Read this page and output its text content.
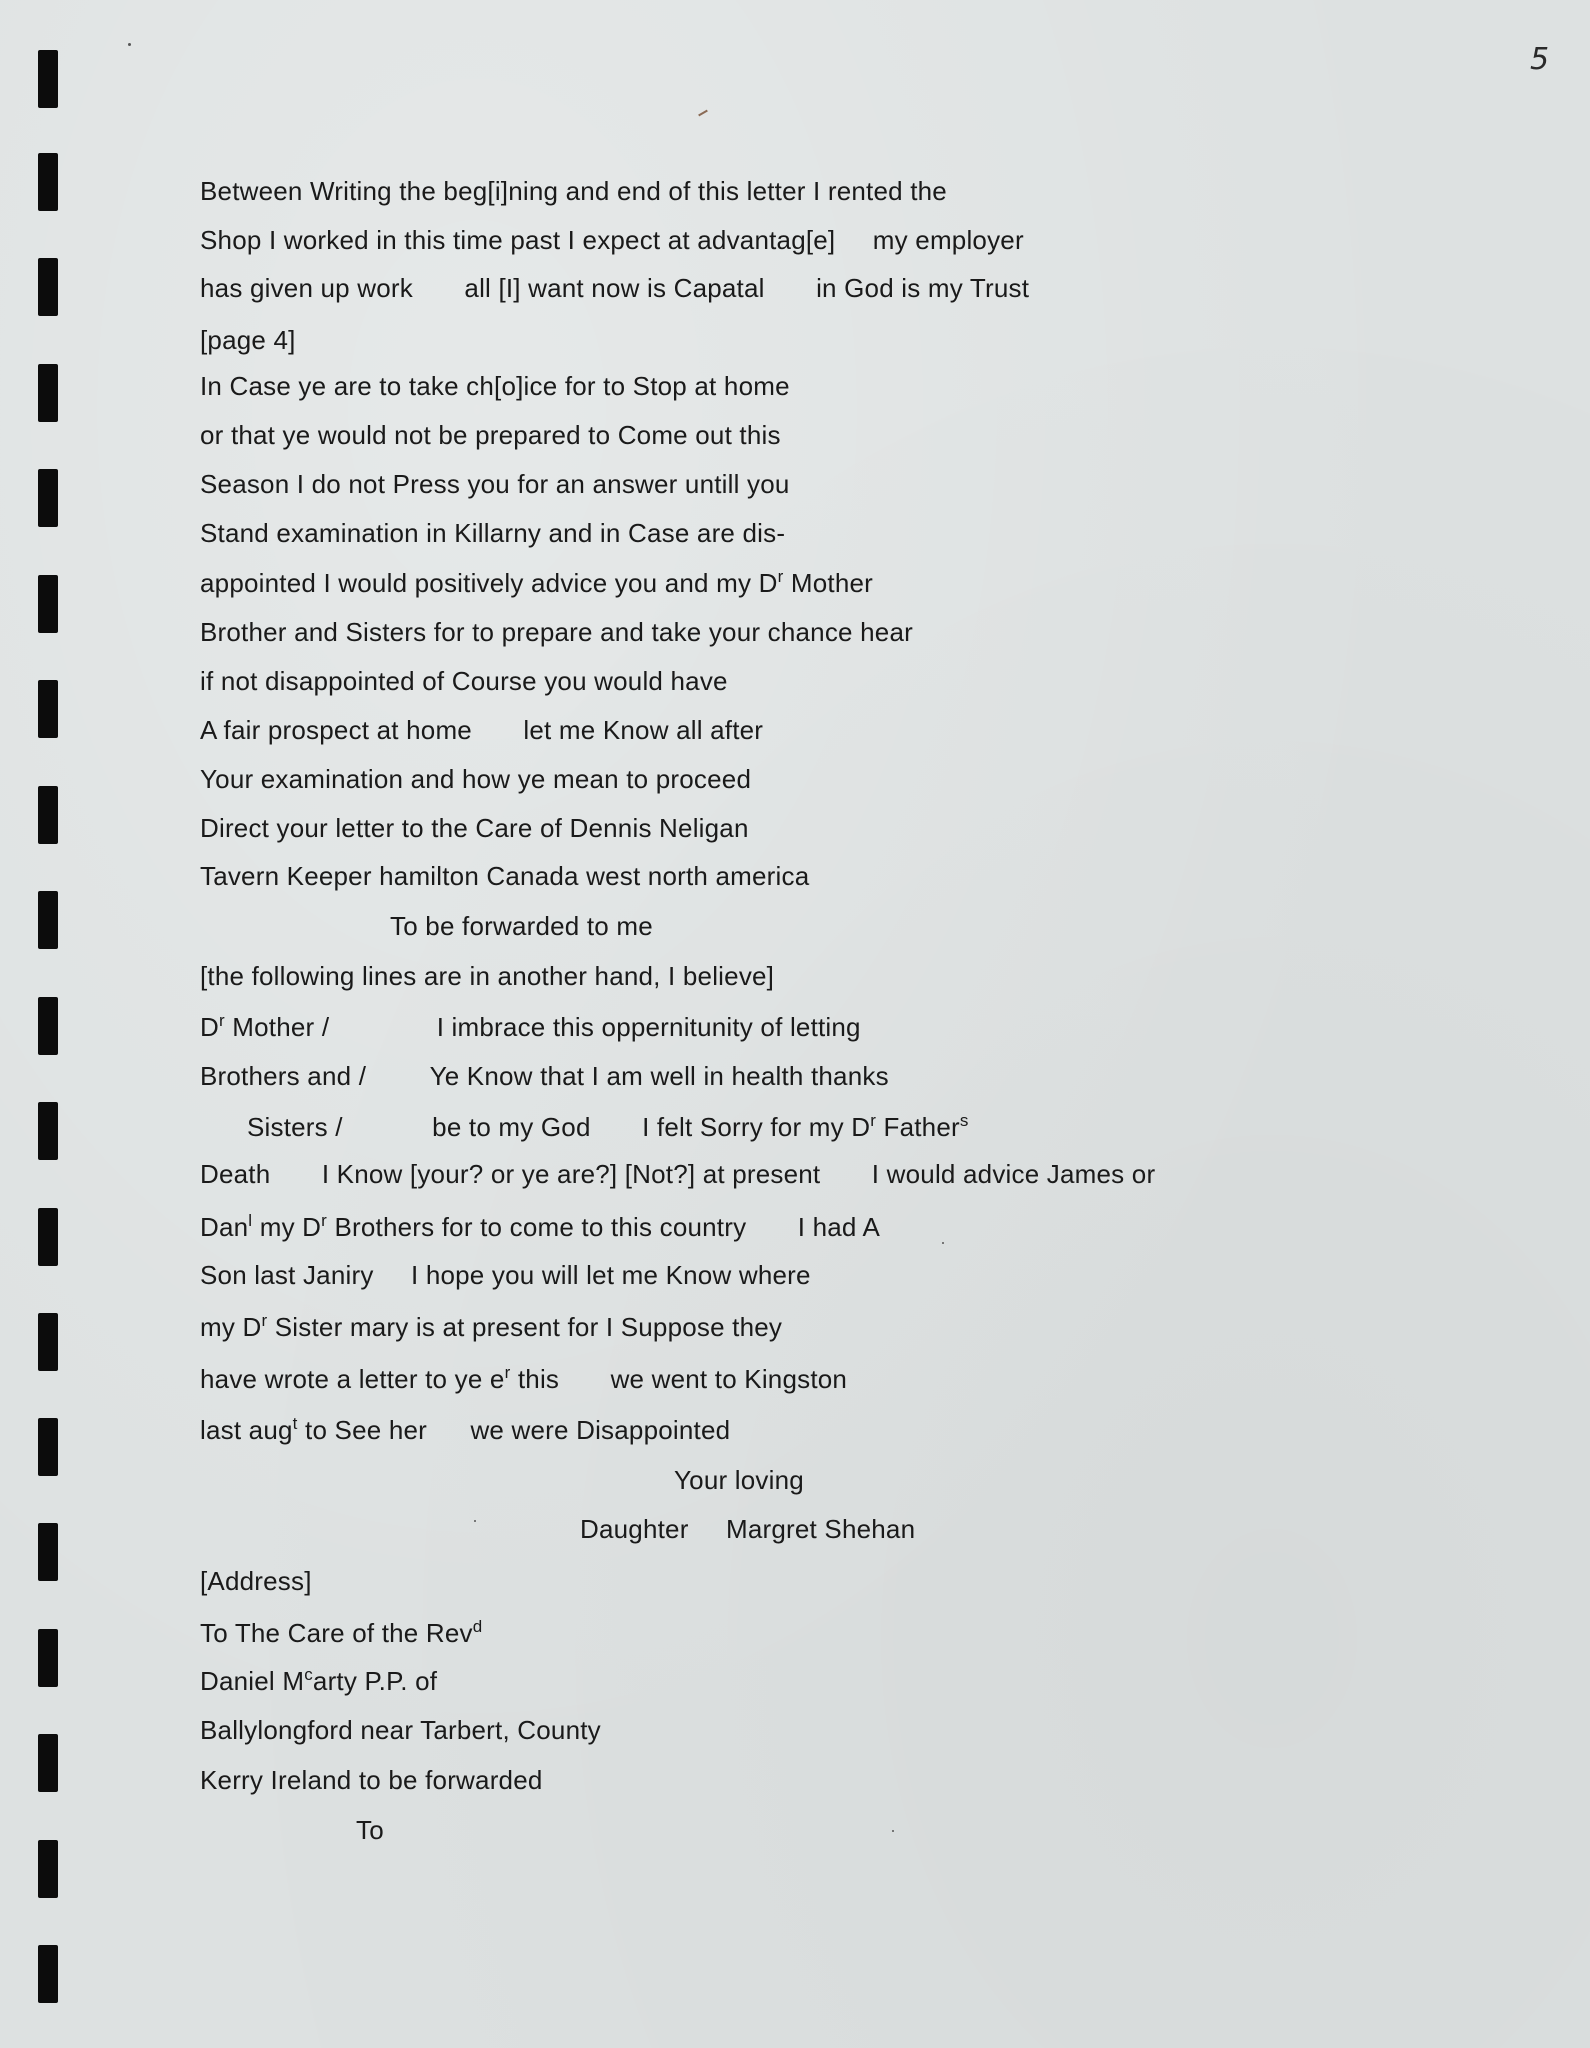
5
Between Writing the beg[i]ning and end of this letter I rented the
Shop I worked in this time past I expect at advantag[e] my employer
has given up work all [I] want now is Capatal in God is my Trust
[page 4]
In Case ye are to take ch[o]ice for to Stop at home
or that ye would not be prepared to Come out this
Season I do not Press you for an answer untill you
Stand examination in Killarny and in Case are dis-
appointed I would positively advice you and my $D^r$ Mother
Brother and Sisters for to prepare and take your chance hear
if not disappointed of Course you would have
A fair prospect at home let me Know all after
Your examination and how ye mean to proceed
Direct your letter to the Care of Dennis Neligan
Tavern Keeper hamilton Canada west north america
To be forwarded to me
[the following lines are in another hand, I believe]
$D^r$ Mother /	I imbrace this oppernitunity of letting
Brothers and / Ye Know that I am well in health thanks
Sisters /	be to my God I felt Sorry for my $D^r$ Father$^s$
Death I Know [your? or ye are?] [Not?] at present I would advice James or
Dan$^l$ my $D^r$ Brothers for to come to this country I had A
Son last Janiry I hope you will let me Know where
my $D^r$ Sister mary is at present for I Suppose they
have wrote a letter to ye $e^r$ this we went to Kingston
last aug$^t$ to See her we were Disappointed
Your loving
Daughter Margret Shehan
[Address]
To The Care of the Rev$^d$
Daniel $M^carty$ P.P. of
Ballylongford near Tarbert, County
Kerry Ireland to be forwarded
To
